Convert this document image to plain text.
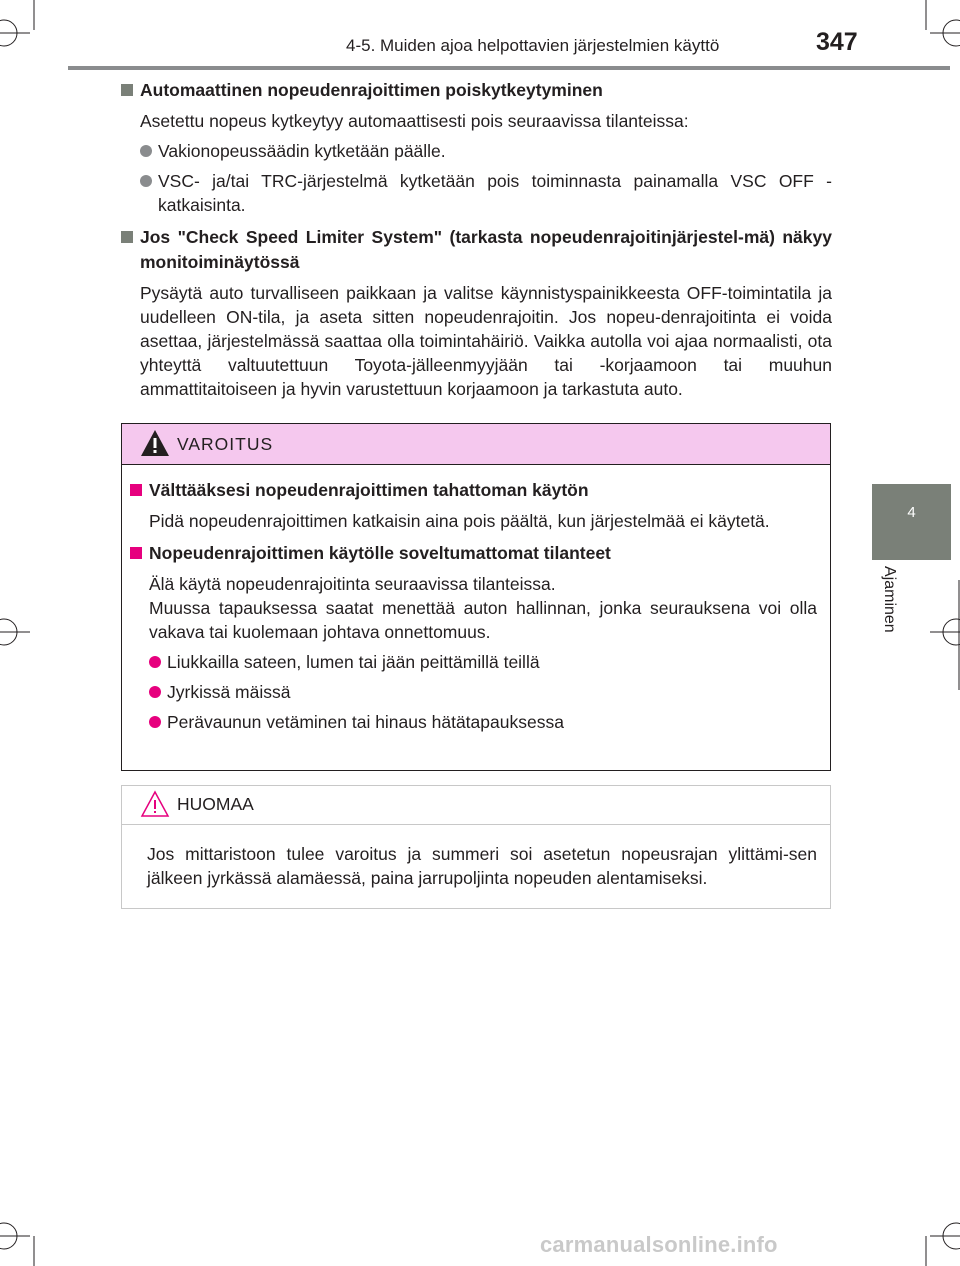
4-5. Muiden ajoa helpottavien järjestelmien käyttö	347
4
Ajaminen
Automaattinen nopeudenrajoittimen poiskytkeytyminen
Asetettu nopeus kytkeytyy automaattisesti pois seuraavissa tilanteissa:
Vakionopeussäädin kytketään päälle.
VSC- ja/tai TRC-järjestelmä kytketään pois toiminnasta painamalla VSC OFF -katkaisinta.
Jos "Check Speed Limiter System" (tarkasta nopeudenrajoitinjärjestel-mä) näkyy monitoiminäytössä
Pysäytä auto turvalliseen paikkaan ja valitse käynnistyspainikkeesta OFF-toimintatila ja uudelleen ON-tila, ja aseta sitten nopeudenrajoitin. Jos nopeu-denrajoitinta ei voida asettaa, järjestelmässä saattaa olla toimintahäiriö. Vaikka autolla voi ajaa normaalisti, ota yhteyttä valtuutettuun Toyota-jälleenmyyjään tai -korjaamoon tai muuhun ammattitaitoiseen ja hyvin varustettuun korjaamoon ja tarkastuta auto.
VAROITUS
Välttääksesi nopeudenrajoittimen tahattoman käytön
Pidä nopeudenrajoittimen katkaisin aina pois päältä, kun järjestelmää ei käytetä.
Nopeudenrajoittimen käytölle soveltumattomat tilanteet
Älä käytä nopeudenrajoitinta seuraavissa tilanteissa.
Muussa tapauksessa saatat menettää auton hallinnan, jonka seurauksena voi olla vakava tai kuolemaan johtava onnettomuus.
Liukkailla sateen, lumen tai jään peittämillä teillä
Jyrkissä mäissä
Perävaunun vetäminen tai hinaus hätätapauksessa
HUOMAA
Jos mittaristoon tulee varoitus ja summeri soi asetetun nopeusrajan ylittämi-sen jälkeen jyrkässä alamäessä, paina jarrupoljinta nopeuden alentamiseksi.
carmanualsonline.info
